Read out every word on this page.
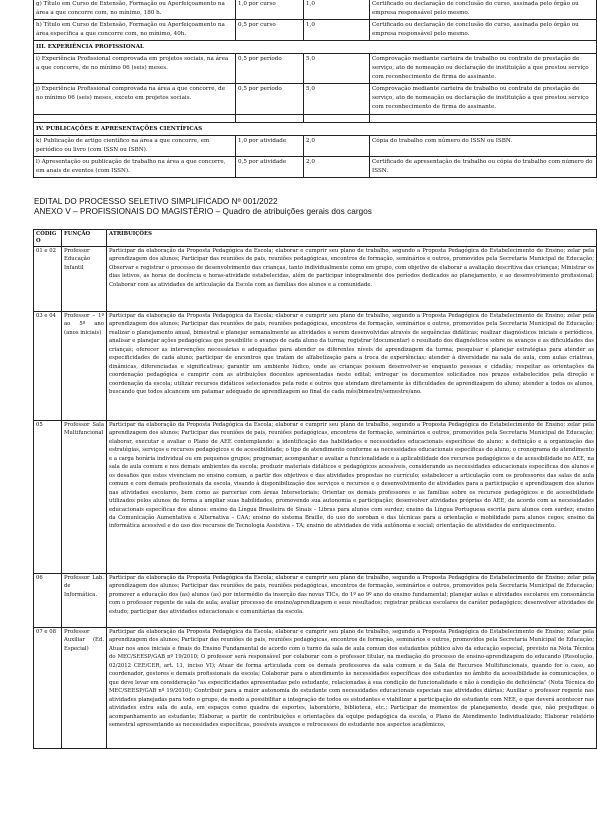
g) Título em Curso de Extensão, Formação ou Aperfeiçoamento na área a que concorre com, no mínimo, 180 h.	1,0 por curso	1,0	Certificado ou declaração de conclusão do curso, assinada pelo órgão ou empresa responsável pelo mesmo.
h) Título em Curso de Extensão, Formação ou Aperfeiçoamento na área específica a que concorre com, no mínimo, 40h.	0,5 por curso	1,0	Certificado ou declaração de conclusão do curso, assinada pelo órgão ou empresa responsável pelo mesmo.
III. EXPERIÊNCIA PROFISSIONAL			
i) Experiência Profissional comprovada em projetos sociais, na área a que concorre, de no mínimo 06 (seis) meses.	0,5 por período	5,0	Comprovação mediante carteira de trabalho ou contrato de prestação de serviço, ato de nomeação ou declaração de instituição a que prestou serviço com reconhecimento de firma do assinante.
j) Experiência Profissional comprovada na área a que concorre, de no mínimo 06 (seis) meses, exceto em projetos sociais.	0,5 por período	5,0	Comprovação mediante carteira de trabalho ou contrato de prestação de serviço, ato de nomeação ou declaração de instituição a que prestou serviço com reconhecimento de firma do assinante.

IV. PUBLICAÇÕES E APRESENTAÇÕES CIENTÍFICAS			
k) Publicação de artigo científico na área a que concorre, em periódico ou livro (com ISSN ou ISBN).	1,0 por atividade	2,0	Cópia do trabalho com número do ISSN ou ISBN.
l) Apresentação ou publicação de trabalho na área a que concorre, em anais de eventos (com ISSN).	0,5 por atividade	2,0	Certificado de apresentação de trabalho ou cópia do trabalho com número do ISSN.
EDITAL DO PROCESSO SELETIVO SIMPLIFICADO Nº 001/2022
ANEXO V – PROFISSIONAIS DO MAGISTÉRIO – Quadro de atribuições gerais dos cargos
CÓDIGO	FUNÇÃO	ATRIBUIÇÕES
01 e 02	Professor Educação Infantil	Participar da elaboração da Proposta Pedagógica da Escola; elaborar e cumprir seu plano de trabalho, segundo a Proposta Pedagógica do Estabelecimento de Ensino; zelar pela aprendizagem dos alunos; Participar das reuniões de pais, reuniões pedagógicas, encontros de formação, seminários e outros, promovidos pela Secretaria Municipal de Educação; Observar e registrar o processo de desenvolvimento das crianças, tanto individualmente como em grupo, com objetivo de elaborar a avaliação descritiva das crianças; Ministrar os dias letivos, as horas de docência e horas-atividade estabelecidas, além de participar integralmente dos períodos dedicados ao planejamento, e ao desenvolvimento profissional; Colaborar com as atividades de articulação da Escola com as famílias dos alunos e a comunidade.
03 e 04	Professor – 1º ao 5º ano (anos iniciais)	Participar da elaboração da Proposta Pedagógica da Escola; elaborar e cumprir seu plano de trabalho, segundo a Proposta Pedagógica do Estabelecimento de Ensino; zelar pela aprendizagem dos alunos; Participar das reuniões de pais, reuniões pedagógicas, encontros de formação, seminários e outros, promovidos pela Secretaria Municipal de Educação; realizar o planejamento anual, bimestral e planejar semanalmente as atividades a serem desenvolvidas através de sequências didáticas; realizar diagnósticos iniciais e periódicos, analisar e planejar ações pedagógicas que possibilite o avanço de cada aluno da turma; registrar (documentar) o resultado dos diagnósticos sobre os avanços e as dificuldades das crianças; oferecer as intervenções necessárias e adequadas para atender os diferentes níveis de aprendizagem da turma; pesquisar e planejar estratégias para atender as especificidades de cada aluno; participar de encontros que tratam de alfabetização para a troca de experiências; atender à diversidade na sala de aula, com aulas criativas, dinâmicas, diferenciadas e significativas; garantir um ambiente lúdico, onde as crianças possam desenvolver-se enquanto pessoas e cidadãs; respeitar as orientações da coordenação pedagógica e cumprir com as atribuições docentes apresentadas neste edital; entregar os documentos solicitados nos prazos estabelecidos pela direção e coordenação da escola; utilizar recursos didáticos selecionados pela rede e outros que atendam diretamente às dificuldades de aprendizagem do aluno; atender a todos os alunos, buscando que todos alcancem um patamar adequado de aprendizagem ao final de cada mês/bimestre/semestre/ano.
05	Professor Sala Multifuncional	Participar da elaboração da Proposta Pedagógica da Escola; elaborar e cumprir seu plano de trabalho, segundo a Proposta Pedagógica do Estabelecimento de Ensino; zelar pela aprendizagem dos alunos; Participar das reuniões de pais, reuniões pedagógicas, encontros de formação, seminários e outros, promovidos pela Secretaria Municipal de Educação; elaborar, executar e avaliar o Plano de AEE contemplando: a identificação das habilidades e necessidades educacionais específicas do aluno; a definição e a organização das estratégias, serviços e recursos pedagógicos e de acessibilidade; o tipo de atendimento conforme as necessidades educacionais específicas do aluno; o cronograma do atendimento e a carga horária individual ou em pequenos grupos; programar, acompanhar e avaliar a funcionalidade e a aplicabilidade dos recursos pedagógicos e de acessibilidade no AEE, na sala de aula comum e nos demais ambientes da escola; produzir materiais didáticos e pedagógicos acessíveis, considerando as necessidades educacionais específicas dos alunos e os desafios que estes vivenciam no ensino comum, a partir dos objetivos e das atividades propostas no currículo; estabelecer a articulação com os professores das salas de aula comum e com demais profissionais da escola, visando à disponibilização dos serviços e recursos e o desenvolvimento de atividades para a participação e aprendizagem dos alunos nas atividades escolares, bem como as parcerias com áreas Intersetoriais; Orientar os demais professores e as famílias sobre os recursos pedagógicos e de acessibilidade utilizados pelos alunos de forma a ampliar suas habilidades, promovendo sua autonomia e participação; desenvolver atividades próprias do AEE, de acordo com as necessidades educacionais específicas dos alunos: ensino da Língua Brasileira de Sinais – Libras para alunos com surdez; ensino da Língua Portuguesa escrita para alunos com surdez; ensino da Comunicação Aumentativa e Alternativa – CAA; ensino do sistema Braille, do uso do soroban e das técnicas para a orientação e mobilidade para alunos cegos; ensino da informática acessível e do uso dos recursos de Tecnologia Assistiva – TA; ensino de atividades de vida autônoma e social; orientação de atividades de enriquecimento.
06	Professor Lab. de Informática.	Participar da elaboração da Proposta Pedagógica da Escola; elaborar e cumprir seu plano de trabalho, segundo a Proposta Pedagógica do Estabelecimento de Ensino; zelar pela aprendizagem dos alunos; Participar das reuniões de pais, reuniões pedagógicas, encontros de formação, seminários e outros, promovidos pela Secretaria Municipal de Educação; promover a educação dos (as) alunos (as) por intermédio da inserção das novas TICs, do 1º ao 9º ano do ensino fundamental; planejar aulas e atividades escolares em consonância com o professor regente de sala de aula; avaliar processo de ensino/aprendizagem e seus resultados; registrar práticas escolares de caráter pedagógico; desenvolver atividades de estudo; participar das atividades educacionais e comunitárias da escola.
07 e 08	Professor Auxiliar (Ed. Especial)	Participar da elaboração da Proposta Pedagógica da Escola; elaborar e cumprir seu plano de trabalho, segundo a Proposta Pedagógica do Estabelecimento de Ensino; zelar pela aprendizagem dos alunos; Participar das reuniões de pais, reuniões pedagógicas, encontros de formação, seminários e outros, promovidos pela Secretaria Municipal de Educação; Atuar nos anos iniciais e finais do Ensino Fundamental de acordo com o turno da sala de aula comum dos estudantes público alvo da educação especial, previsto na Nota Técnica do MEC/SEESP/GAB nº 19/2010; O professor será responsável por colaborar com o professor titular, na mediação do processo de ensino-aprendizagem do educando (Resolução, 02/2012 CEE/CER, art. 11, inciso VI); Atuar de forma articulada com os demais professores da sala comum e da Sala de Recursos Multifuncionais, quando for o caso, ao coordenador, gestores e demais profissionais da escola; Colaborar para o atendimento às necessidades específicas dos estudantes no âmbito da acessibilidade às comunicações, o que deve levar em consideração "as especificidades apresentadas pelo estudante, relacionadas à sua condição de funcionalidade e não à condição de deficiência" (Nota Técnica do MEC/SEESP/GAB nº 19/2010); Contribuir para a maior autonomia do estudante com necessidades educacionais especiais nas atividades diárias; Auxiliar o professor regente nas atividades planejadas para todo o grupo, de modo a possibilitar a integração de todos os estudantes e viabilizar a participação do estudante com NEE, o que deverá acontecer nas atividades extra sala de aula, em espaços como quadra de esportes, laboratório, biblioteca, etc.; Participar de momentos de planejamento, desde que, não prejudique o acompanhamento ao estudante; Elaborar, a partir de contribuições e orientações da equipe pedagógica da escola, o Plano de Atendimento Individualizado; Elaborar relatório semestral apresentando as necessidades específicas, possíveis avanços e retrocessos do estudante nos aspectos acadêmicos,
